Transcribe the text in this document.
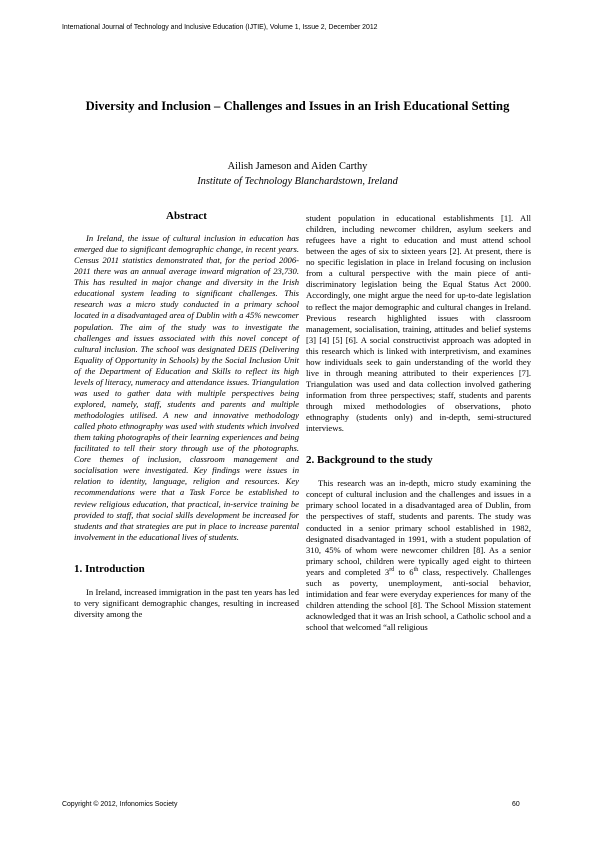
International Journal of Technology and Inclusive Education (IJTIE), Volume 1, Issue 2, December 2012
Diversity and Inclusion – Challenges and Issues in an Irish Educational Setting
Ailish Jameson and Aiden Carthy
Institute of Technology Blanchardstown, Ireland
Abstract

In Ireland, the issue of cultural inclusion in education has emerged due to significant demographic change, in recent years. Census 2011 statistics demonstrated that, for the period 2006-2011 there was an annual average inward migration of 23,730. This has resulted in major change and diversity in the Irish educational system leading to significant challenges. This research was a micro study conducted in a primary school located in a disadvantaged area of Dublin with a 45% newcomer population. The aim of the study was to investigate the challenges and issues associated with this novel concept of cultural inclusion. The school was designated DEIS (Delivering Equality of Opportunity in Schools) by the Social Inclusion Unit of the Department of Education and Skills to reflect its high levels of literacy, numeracy and attendance issues. Triangulation was used to gather data with multiple perspectives being explored, namely, staff, students and parents and multiple methodologies utilised. A new and innovative methodology called photo ethnography was used with students which involved them taking photographs of their learning experiences and being facilitated to tell their story through use of the photographs. Core themes of inclusion, classroom management and socialisation were investigated. Key findings were issues in relation to identity, language, religion and resources. Key recommendations were that a Task Force be established to review religious education, that practical, in-service training be provided to staff, that social skills development be increased for students and that strategies are put in place to increase parental involvement in the educational lives of students.

1. Introduction

In Ireland, increased immigration in the past ten years has led to very significant demographic changes, resulting in increased diversity among the

student population in educational establishments [1]. All children, including newcomer children, asylum seekers and refugees have a right to education and must attend school between the ages of six to sixteen years [2]. At present, there is no specific legislation in place in Ireland focusing on inclusion from a cultural perspective with the main piece of anti-discriminatory legislation being the Equal Status Act 2000. Accordingly, one might argue the need for up-to-date legislation to reflect the major demographic and cultural changes in Ireland. Previous research highlighted issues with classroom management, socialisation, training, attitudes and belief systems [3] [4] [5] [6]. A social constructivist approach was adopted in this research which is linked with interpretivism, and examines how individuals seek to gain understanding of the world they live in through meaning attributed to their experiences [7]. Triangulation was used and data collection involved gathering information from three perspectives; staff, students and parents through mixed methodologies of observations, photo ethnography (students only) and in-depth, semi-structured interviews.

2. Background to the study

This research was an in-depth, micro study examining the concept of cultural inclusion and the challenges and issues in a primary school located in a disadvantaged area of Dublin, from the perspectives of staff, students and parents. The study was conducted in a senior primary school established in 1982, designated disadvantaged in 1991, with a student population of 310, 45% of whom were newcomer children [8]. As a senior primary school, children were typically aged eight to thirteen years and completed 3rd to 6th class, respectively. Challenges such as poverty, unemployment, anti-social behavior, intimidation and fear were everyday experiences for many of the children attending the school [8]. The School Mission statement acknowledged that it was an Irish school, a Catholic school and a school that welcomed “all religious

Copyright © 2012, Infonomics Society	60
